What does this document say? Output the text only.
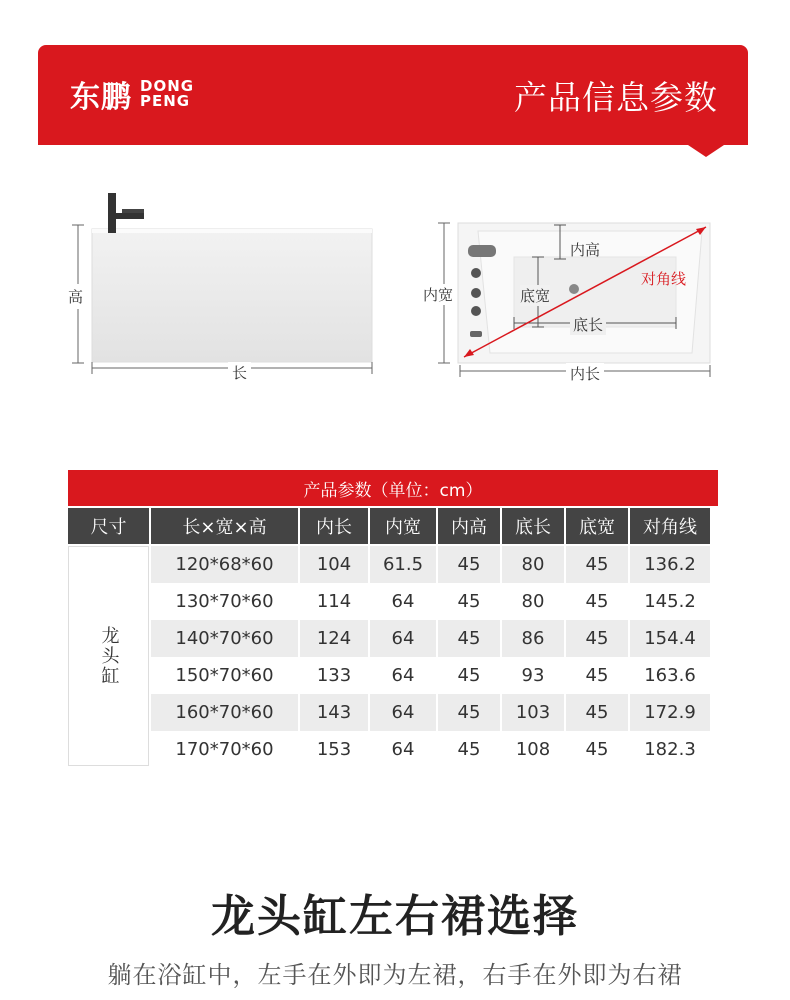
东鹏 DONG
PENG	产品信息参数
高
长
内宽
内高
底宽
底长
对角线
内长
产品参数（单位：cm）
尺寸	长×宽×高	内长	内宽	内高	底长	底宽	对角线
龙头缸
120*68*60	104	61.5	45	80	45	136.2
130*70*60	114	64	45	80	45	145.2
140*70*60	124	64	45	86	45	154.4
150*70*60	133	64	45	93	45	163.6
160*70*60	143	64	45	103	45	172.9
170*70*60	153	64	45	108	45	182.3
龙头缸左右裙选择
躺在浴缸中，左手在外即为左裙，右手在外即为右裙
